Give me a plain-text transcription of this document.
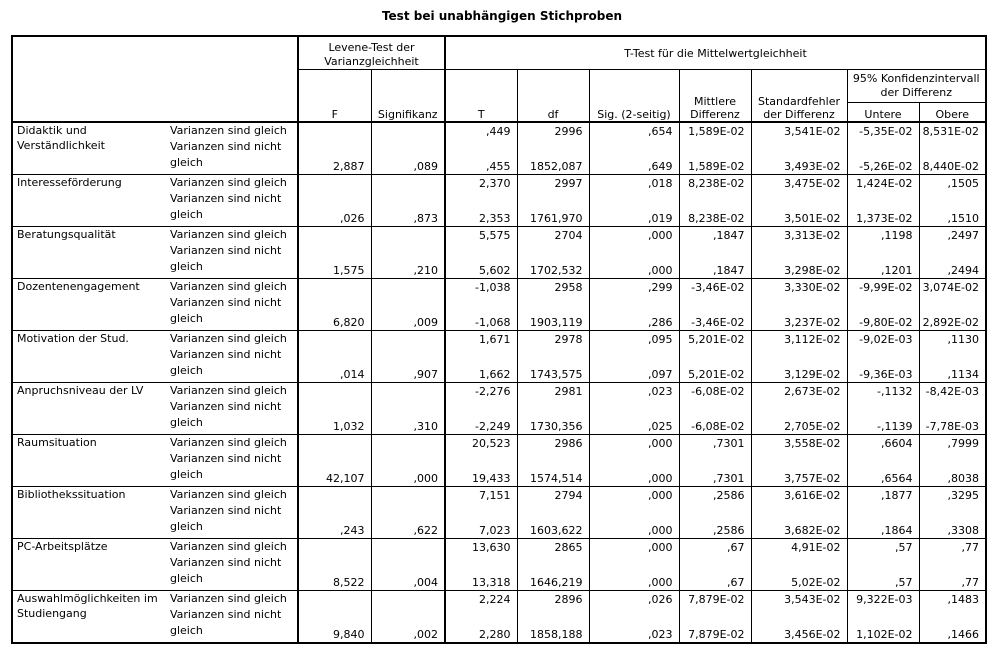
Test bei unabhängigen Stichproben
		Levene-Test der Varianzgleichheit		T-Test für die Mittelwertgleichheit						
		F	Signifikanz	T	df	Sig. (2-seitig)	Mittlere Differenz	Standardfehler der Differenz	95% Konfidenzintervall der Differenz	
									Untere	Obere
Didaktik und Verständlichkeit	Varianzen sind gleich	2,887	,089	,449	2996	,654	1,589E-02	3,541E-02	-5,35E-02	8,531E-02
	Varianzen sind nicht gleich			,455	1852,087	,649	1,589E-02	3,493E-02	-5,26E-02	8,440E-02
Interesseförderung	Varianzen sind gleich	,026	,873	2,370	2997	,018	8,238E-02	3,475E-02	1,424E-02	,1505
	Varianzen sind nicht gleich			2,353	1761,970	,019	8,238E-02	3,501E-02	1,373E-02	,1510
Beratungsqualität	Varianzen sind gleich	1,575	,210	5,575	2704	,000	,1847	3,313E-02	,1198	,2497
	Varianzen sind nicht gleich			5,602	1702,532	,000	,1847	3,298E-02	,1201	,2494
Dozentenengagement	Varianzen sind gleich	6,820	,009	-1,038	2958	,299	-3,46E-02	3,330E-02	-9,99E-02	3,074E-02
	Varianzen sind nicht gleich			-1,068	1903,119	,286	-3,46E-02	3,237E-02	-9,80E-02	2,892E-02
Motivation der Stud.	Varianzen sind gleich	,014	,907	1,671	2978	,095	5,201E-02	3,112E-02	-9,02E-03	,1130
	Varianzen sind nicht gleich			1,662	1743,575	,097	5,201E-02	3,129E-02	-9,36E-03	,1134
Anpruchsniveau der LV	Varianzen sind gleich	1,032	,310	-2,276	2981	,023	-6,08E-02	2,673E-02	-,1132	-8,42E-03
	Varianzen sind nicht gleich			-2,249	1730,356	,025	-6,08E-02	2,705E-02	-,1139	-7,78E-03
Raumsituation	Varianzen sind gleich	42,107	,000	20,523	2986	,000	,7301	3,558E-02	,6604	,7999
	Varianzen sind nicht gleich			19,433	1574,514	,000	,7301	3,757E-02	,6564	,8038
Bibliothekssituation	Varianzen sind gleich	,243	,622	7,151	2794	,000	,2586	3,616E-02	,1877	,3295
	Varianzen sind nicht gleich			7,023	1603,622	,000	,2586	3,682E-02	,1864	,3308
PC-Arbeitsplätze	Varianzen sind gleich	8,522	,004	13,630	2865	,000	,67	4,91E-02	,57	,77
	Varianzen sind nicht gleich			13,318	1646,219	,000	,67	5,02E-02	,57	,77
Auswahlmöglichkeiten im Studiengang	Varianzen sind gleich	9,840	,002	2,224	2896	,026	7,879E-02	3,543E-02	9,322E-03	,1483
	Varianzen sind nicht gleich			2,280	1858,188	,023	7,879E-02	3,456E-02	1,102E-02	,1466
